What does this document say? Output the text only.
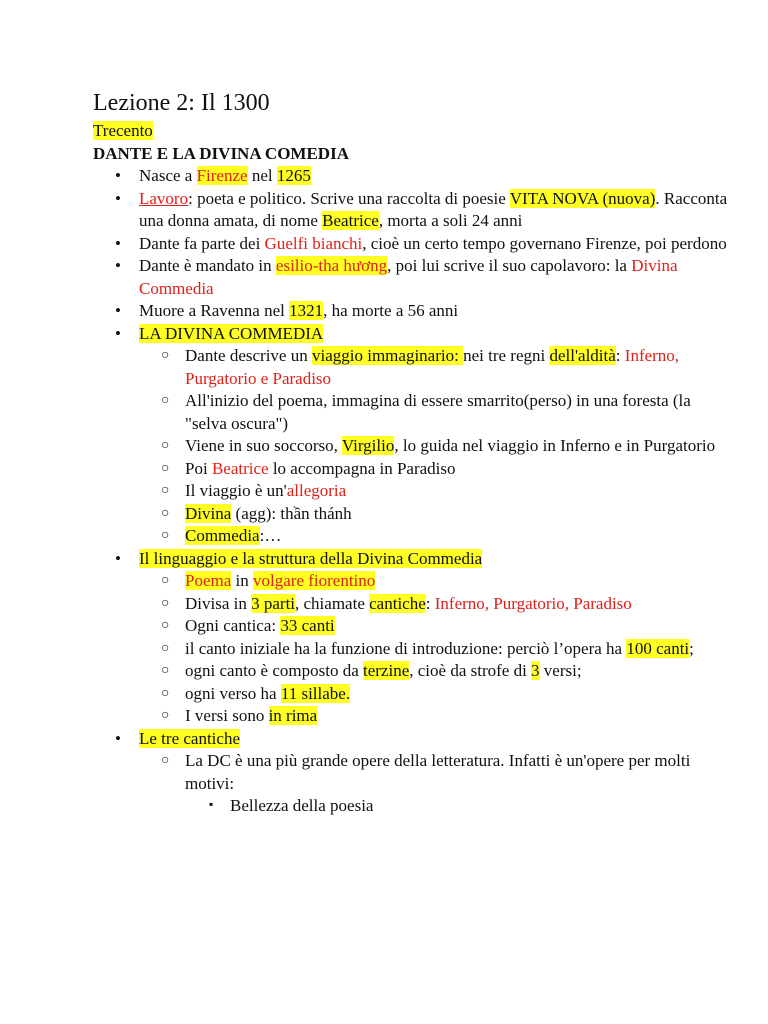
Lezione 2: Il 1300
Trecento
DANTE E LA DIVINA COMEDIA
• Nasce a Firenze nel 1265
• Lavoro: poeta e politico. Scrive una raccolta di poesie VITA NOVA (nuova). Racconta una donna amata, di nome Beatrice, morta a soli 24 anni
• Dante fa parte dei Guelfi bianchi, cioè un certo tempo governano Firenze, poi perdono
• Dante è mandato in esilio-tha hương, poi lui scrive il suo capolavoro: la Divina Commedia
• Muore a Ravenna nel 1321, ha morte a 56 anni
• LA DIVINA COMMEDIA
○ Dante descrive un viaggio immaginario: nei tre regni dell'aldità: Inferno, Purgatorio e Paradiso
○ All'inizio del poema, immagina di essere smarrito(perso) in una foresta (la "selva oscura")
○ Viene in suo soccorso, Virgilio, lo guida nel viaggio in Inferno e in Purgatorio
○ Poi Beatrice lo accompagna in Paradiso
○ Il viaggio è un'allegoria
○ Divina (agg): thần thánh
○ Commedia:…
• Il linguaggio e la struttura della Divina Commedia
○ Poema in volgare fiorentino
○ Divisa in 3 parti, chiamate cantiche: Inferno, Purgatorio, Paradiso
○ Ogni cantica: 33 canti
○ il canto iniziale ha la funzione di introduzione: perciò l’opera ha 100 canti;
○ ogni canto è composto da terzine, cioè da strofe di 3 versi;
○ ogni verso ha 11 sillabe.
○ I versi sono in rima
• Le tre cantiche
○ La DC è una più grande opere della letteratura. Infatti è un'opere per molti motivi:
▪ Bellezza della poesia
